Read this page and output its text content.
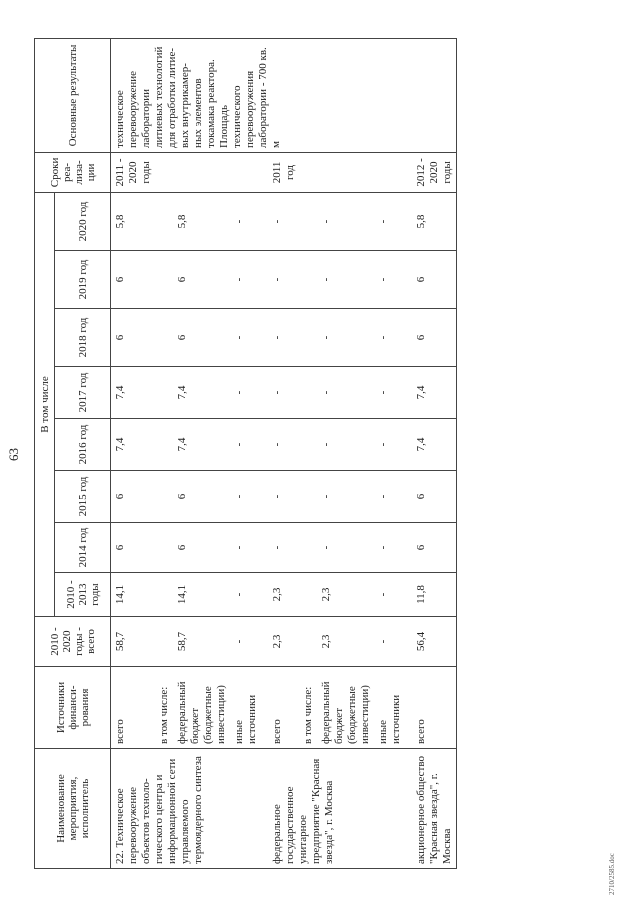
63
Наименование мероприятия, исполнитель	Источники финанси- рования	2010 - 2020 годы - всего	В том числе								Сроки реа- лиза- ции	Основные результаты
			2010 - 2013 годы	2014 год	2015 год	2016 год	2017 год	2018 год	2019 год	2020 год		
22. Техническое перевооружение объектов техноло- гического центра и информационной сети управляемого термоядерного синтеза	всего	58,7	14,1	6	6	7,4	7,4	6	6	5,8	2011 - 2020 годы	техническое перевооружение лаборатории литиевых технологий для отработки литие- вых внутрикамер- ных элементов токамака реактора. Площадь технического перевооружения лаборатории - 700 кв. м
	в том числе:											
	федеральный бюджет (бюджетные инвестиции)	58,7	14,1	6	6	7,4	7,4	6	6	5,8		
	иные источники	-	-	-	-	-	-	-	-	-		
федеральное государственное унитарное предприятие "Красная звезда", г. Москва	всего	2,3	2,3	-	-	-	-	-	-	-	2011 год	
	в том числе:											
	федеральный бюджет (бюджетные инвестиции)	2,3	2,3	-	-	-	-	-	-	-		
	иные источники	-	-	-	-	-	-	-	-	-		
акционерное общество "Красная звезда", г. Москва	всего	56,4	11,8	6	6	7,4	7,4	6	6	5,8	2012 - 2020 годы	
2710/2585.doc
